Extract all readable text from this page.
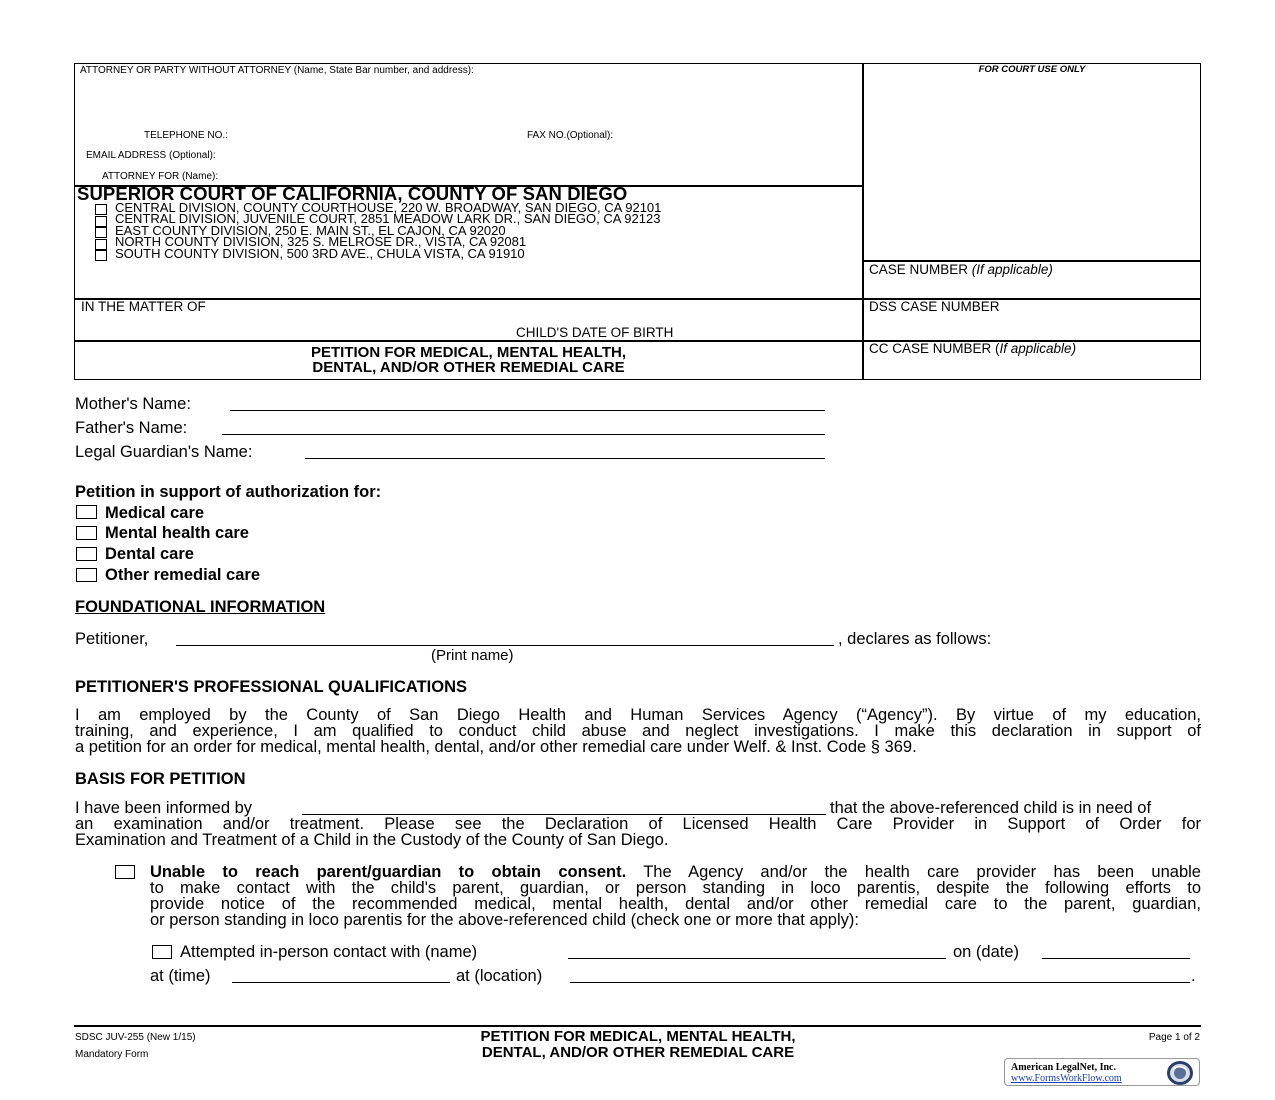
ATTORNEY OR PARTY WITHOUT ATTORNEY (Name, State Bar number, and address):
TELEPHONE NO.:	FAX NO.(Optional):
EMAIL ADDRESS (Optional):
ATTORNEY FOR (Name):
FOR COURT USE ONLY
SUPERIOR COURT OF CALIFORNIA, COUNTY OF SAN DIEGO
CENTRAL DIVISION, COUNTY COURTHOUSE, 220 W. BROADWAY, SAN DIEGO, CA 92101
CENTRAL DIVISION, JUVENILE COURT, 2851 MEADOW LARK DR., SAN DIEGO, CA 92123
EAST COUNTY DIVISION, 250 E. MAIN ST., EL CAJON, CA 92020
NORTH COUNTY DIVISION, 325 S. MELROSE DR., VISTA, CA 92081
SOUTH COUNTY DIVISION, 500 3RD AVE., CHULA VISTA, CA 91910
CASE NUMBER (If applicable)
IN THE MATTER OF
CHILD'S DATE OF BIRTH
DSS CASE NUMBER
PETITION FOR MEDICAL, MENTAL HEALTH,
DENTAL, AND/OR OTHER REMEDIAL CARE
CC CASE NUMBER (If applicable)
Mother's Name:
Father's Name:
Legal Guardian's Name:
Petition in support of authorization for:
Medical care
Mental health care
Dental care
Other remedial care
FOUNDATIONAL INFORMATION
Petitioner,	, declares as follows:
(Print name)
PETITIONER'S PROFESSIONAL QUALIFICATIONS
I am employed by the County of San Diego Health and Human Services Agency (“Agency”). By virtue of my education,
training, and experience, I am qualified to conduct child abuse and neglect investigations. I make this declaration in support of
a petition for an order for medical, mental health, dental, and/or other remedial care under Welf. & Inst. Code § 369.
BASIS FOR PETITION
I have been informed by	that the above-referenced child is in need of
an examination and/or treatment. Please see the Declaration of Licensed Health Care Provider in Support of Order for
Examination and Treatment of a Child in the Custody of the County of San Diego.
Unable to reach parent/guardian to obtain consent. The Agency and/or the health care provider has been unable
to make contact with the child's parent, guardian, or person standing in loco parentis, despite the following efforts to
provide notice of the recommended medical, mental health, dental and/or other remedial care to the parent, guardian,
or person standing in loco parentis for the above-referenced child (check one or more that apply):
Attempted in-person contact with (name)	on (date)
at (time)	at (location)	.
SDSC JUV-255 (New 1/15)
Mandatory Form
PETITION FOR MEDICAL, MENTAL HEALTH,
DENTAL, AND/OR OTHER REMEDIAL CARE
Page 1 of 2
American LegalNet, Inc.
www.FormsWorkFlow.com
